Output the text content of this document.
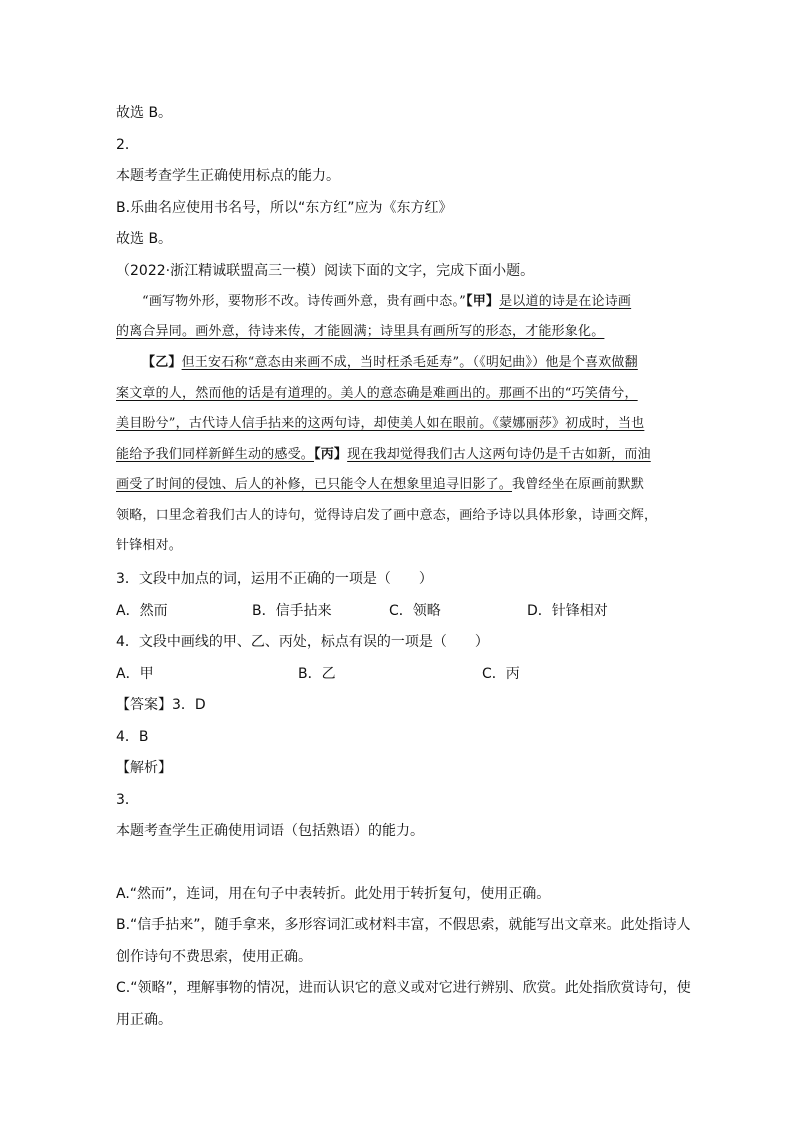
故选 B。
2．
本题考查学生正确使用标点的能力。
B.乐曲名应使用书名号，所以“东方红”应为《东方红》
故选 B。
（2022·浙江精诚联盟高三一模）阅读下面的文字，完成下面小题。
“画写物外形，要物形不改。诗传画外意，贵有画中态。”【甲】是以道的诗是在论诗画
的离合异同。画外意，待诗来传，才能圆满；诗里具有画所写的形态，才能形象化。
【乙】但王安石称“意态由来画不成，当时枉杀毛延寿”。（《明妃曲》）他是个喜欢做翻
案文章的人，然而他的话是有道理的。美人的意态确是难画出的。那画不出的“巧笑倩兮，
美目盼兮”，古代诗人信手拈来的这两句诗，却使美人如在眼前。《蒙娜丽莎》初成时，当也
能给予我们同样新鲜生动的感受。【丙】现在我却觉得我们古人这两句诗仍是千古如新，而油
画受了时间的侵蚀、后人的补修，已只能令人在想象里追寻旧影了。我曾经坐在原画前默默
领略，口里念着我们古人的诗句，觉得诗启发了画中意态，画给予诗以具体形象，诗画交辉，
针锋相对。
3．文段中加点的词，运用不正确的一项是（　　）
A．然而	B．信手拈来	C．领略	D．针锋相对
4．文段中画线的甲、乙、丙处，标点有误的一项是（　　）
A．甲	B．乙	C．丙
【答案】3．D
4．B
【解析】
3．
本题考查学生正确使用词语（包括熟语）的能力。
A.“然而”，连词，用在句子中表转折。此处用于转折复句，使用正确。
B.“信手拈来”，随手拿来，多形容词汇或材料丰富，不假思索，就能写出文章来。此处指诗人
创作诗句不费思索，使用正确。
C.“领略”，理解事物的情况，进而认识它的意义或对它进行辨别、欣赏。此处指欣赏诗句，使
用正确。
